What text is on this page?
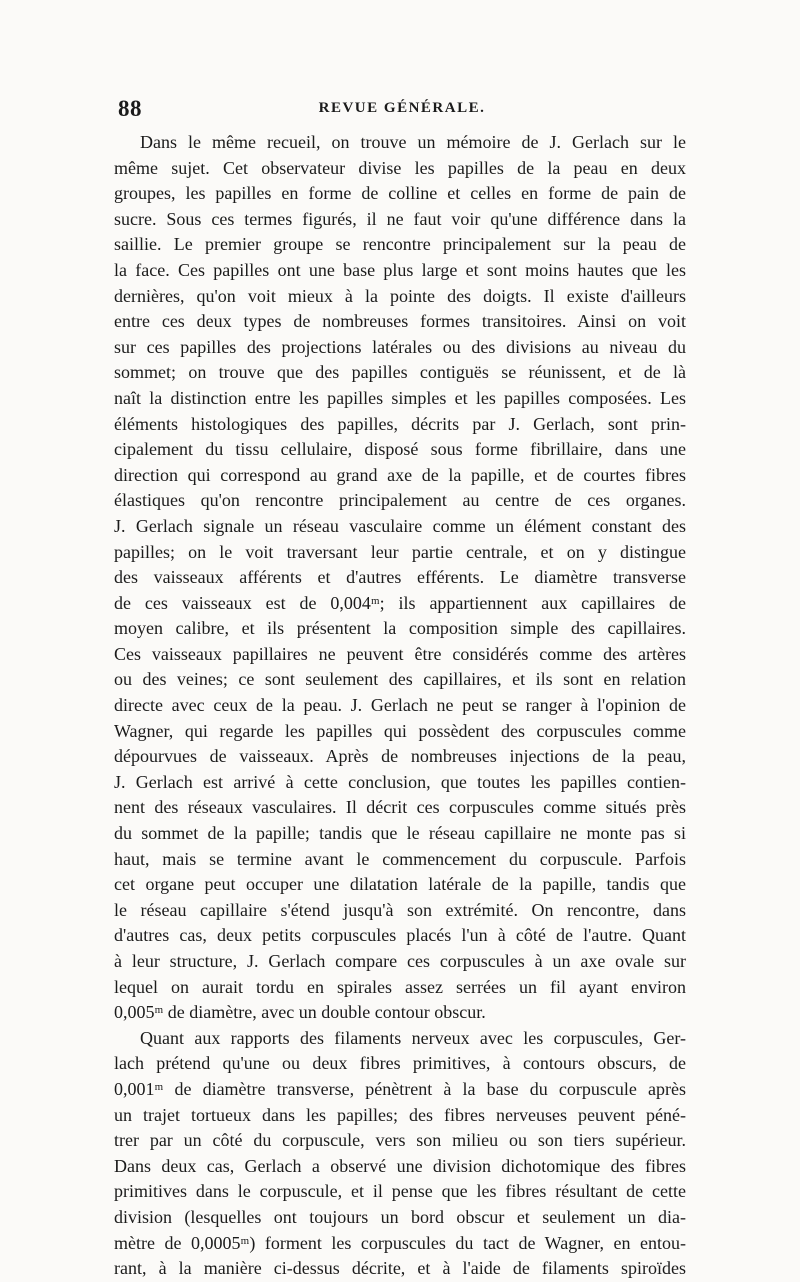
88	REVUE GÉNÉRALE.
Dans le même recueil, on trouve un mémoire de J. Gerlach sur le
même sujet. Cet observateur divise les papilles de la peau en deux
groupes, les papilles en forme de colline et celles en forme de pain de
sucre. Sous ces termes figurés, il ne faut voir qu'une différence dans la
saillie. Le premier groupe se rencontre principalement sur la peau de
la face. Ces papilles ont une base plus large et sont moins hautes que les
dernières, qu'on voit mieux à la pointe des doigts. Il existe d'ailleurs
entre ces deux types de nombreuses formes transitoires. Ainsi on voit
sur ces papilles des projections latérales ou des divisions au niveau du
sommet; on trouve que des papilles contiguës se réunissent, et de là
naît la distinction entre les papilles simples et les papilles composées. Les
éléments histologiques des papilles, décrits par J. Gerlach, sont prin-
cipalement du tissu cellulaire, disposé sous forme fibrillaire, dans une
direction qui correspond au grand axe de la papille, et de courtes fibres
élastiques qu'on rencontre principalement au centre de ces organes.
J. Gerlach signale un réseau vasculaire comme un élément constant des
papilles; on le voit traversant leur partie centrale, et on y distingue
des vaisseaux afférents et d'autres efférents. Le diamètre transverse
de ces vaisseaux est de 0,004ᵐ; ils appartiennent aux capillaires de
moyen calibre, et ils présentent la composition simple des capillaires.
Ces vaisseaux papillaires ne peuvent être considérés comme des artères
ou des veines; ce sont seulement des capillaires, et ils sont en relation
directe avec ceux de la peau. J. Gerlach ne peut se ranger à l'opinion de
Wagner, qui regarde les papilles qui possèdent des corpuscules comme
dépourvues de vaisseaux. Après de nombreuses injections de la peau,
J. Gerlach est arrivé à cette conclusion, que toutes les papilles contien-
nent des réseaux vasculaires. Il décrit ces corpuscules comme situés près
du sommet de la papille; tandis que le réseau capillaire ne monte pas si
haut, mais se termine avant le commencement du corpuscule. Parfois
cet organe peut occuper une dilatation latérale de la papille, tandis que
le réseau capillaire s'étend jusqu'à son extrémité. On rencontre, dans
d'autres cas, deux petits corpuscules placés l'un à côté de l'autre. Quant
à leur structure, J. Gerlach compare ces corpuscules à un axe ovale sur
lequel on aurait tordu en spirales assez serrées un fil ayant environ
0,005ᵐ de diamètre, avec un double contour obscur.
Quant aux rapports des filaments nerveux avec les corpuscules, Ger-
lach prétend qu'une ou deux fibres primitives, à contours obscurs, de
0,001ᵐ de diamètre transverse, pénètrent à la base du corpuscule après
un trajet tortueux dans les papilles; des fibres nerveuses peuvent péné-
trer par un côté du corpuscule, vers son milieu ou son tiers supérieur.
Dans deux cas, Gerlach a observé une division dichotomique des fibres
primitives dans le corpuscule, et il pense que les fibres résultant de cette
division (lesquelles ont toujours un bord obscur et seulement un dia-
mètre de 0,0005ᵐ) forment les corpuscules du tact de Wagner, en entou-
rant, à la manière ci-dessus décrite, et à l'aide de filaments spiroïdes
